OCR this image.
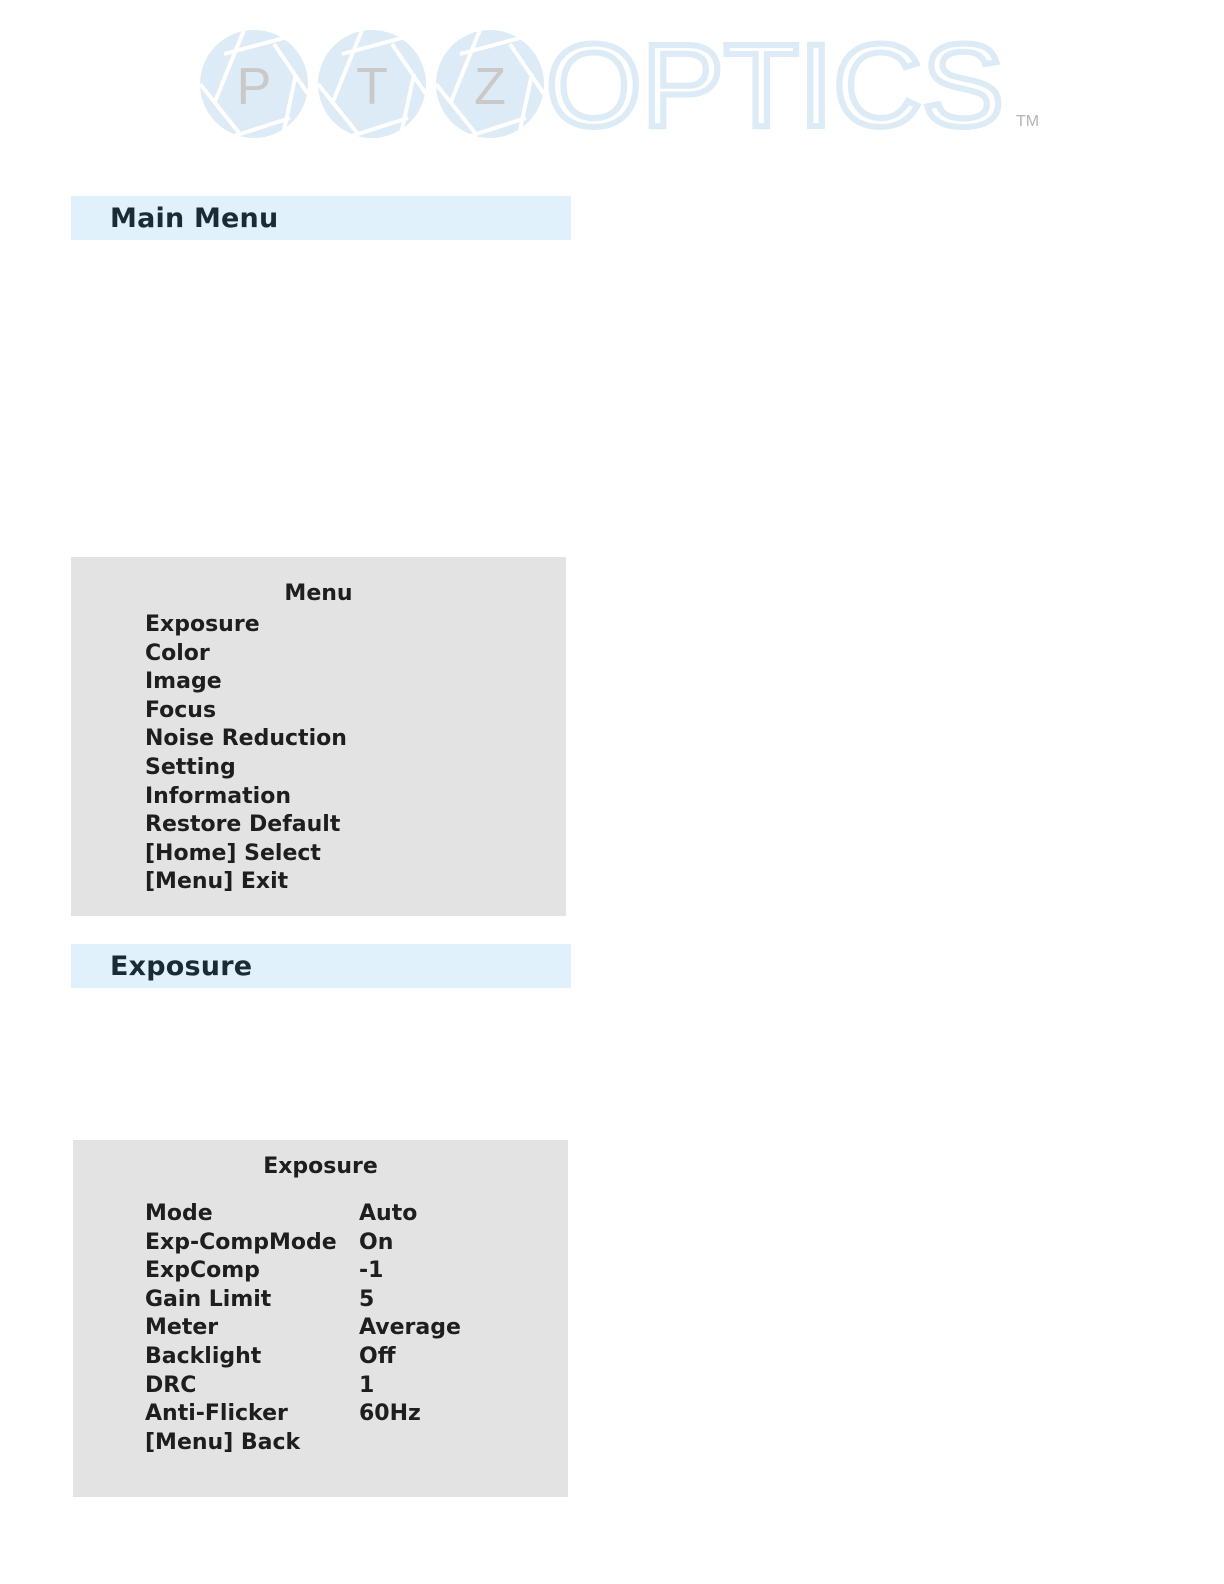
P T Z OPTICS TM
Main Menu
Menu
Exposure
Color
Image
Focus
Noise Reduction
Setting
Information
Restore Default
[Home] Select
[Menu] Exit
Exposure
Exposure
Mode	Auto
Exp-CompMode	On
ExpComp	-1
Gain Limit	5
Meter	Average
Backlight	Off
DRC	1
Anti-Flicker	60Hz
[Menu] Back
